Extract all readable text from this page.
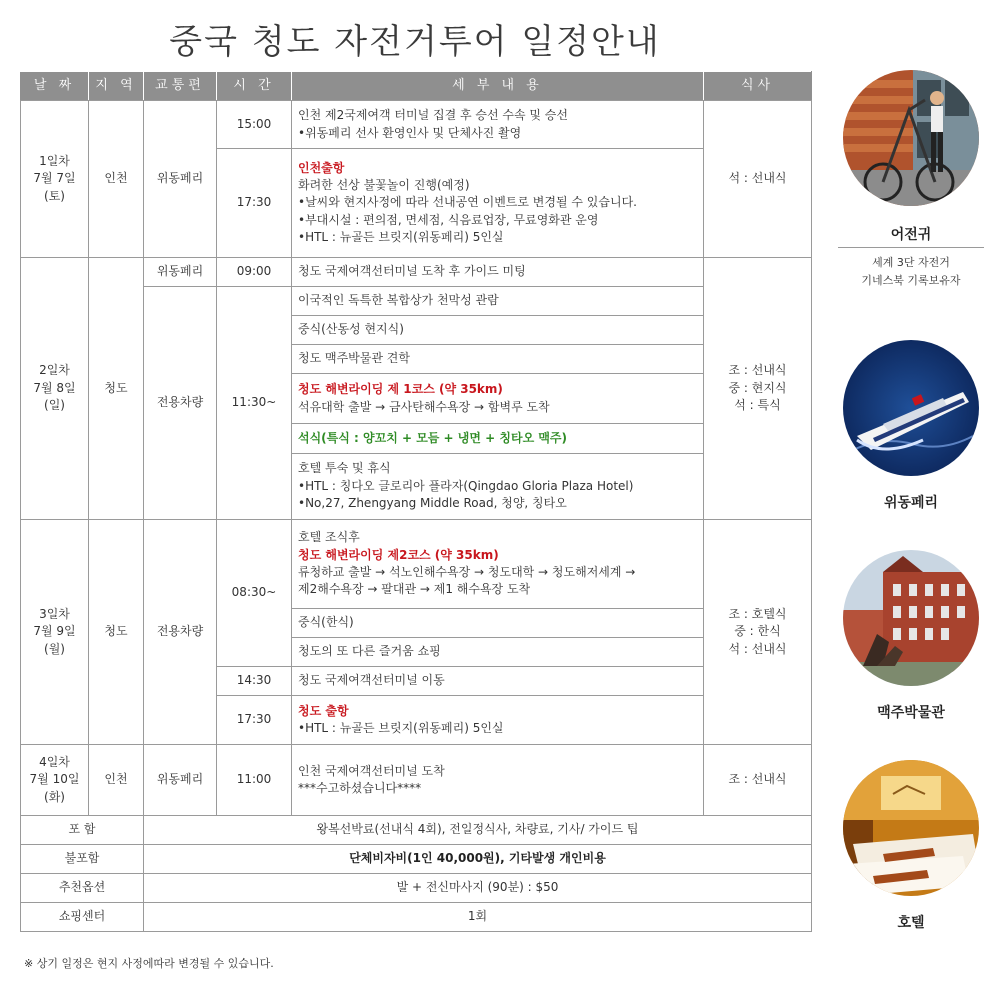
중국 청도 자전거투어 일정안내
날 짜	지 역	교통편	시 간	세 부 내 용	식사

1일차
7월 7일
(토)	인천	위동페리	15:00	인천 제2국제여객 터미널 집결 후 승선 수속 및 승선
•위동페리 선사 환영인사 및 단체사진 촬영	석 : 선내식
			17:30	인천출항
화려한 선상 불꽃놀이 진행(예정)
•날씨와 현지사정에 따라 선내공연 이벤트로 변경될 수 있습니다.
•부대시설 : 편의점, 면세점, 식음료업장, 무료영화관 운영
•HTL : 뉴골든 브릿지(위동페리) 5인실	

2일차
7월 8일
(일)	청도	위동페리	09:00	청도 국제여객선터미널 도착 후 가이드 미팅	조 : 선내식
중 : 현지식
석 : 특식

		전용차량	11:30~	이국적인 독특한 복합상가 천막성 관람	
				중식(산동성 현지식)	
				청도 맥주박물관 견학	

				청도 해변라이딩 제 1코스 (약 35km)
석유대학 출발 → 금사탄해수욕장 → 함벽루 도착	

				석식(특식 : 양꼬치 + 모듬 + 냉면 + 칭타오 맥주)	

				호텔 투숙 및 휴식
•HTL : 칭다오 글로리아 플라자(Qingdao Gloria Plaza Hotel)
•No,27, Zhengyang Middle Road, 청양, 칭타오	

3일차
7월 9일
(월)	청도	전용차량	08:30~	호텔 조식후
청도 해변라이딩 제2코스 (약 35km)
류청하교 출발 → 석노인해수욕장 → 청도대학 → 청도해저세계 →
제2해수욕장 → 팔대관 → 제1 해수욕장 도착	조 : 호텔식
중 : 한식
석 : 선내식

				중식(한식)	
				청도의 또 다른 즐거움 쇼핑	
			14:30	청도 국제여객선터미널 이동	
			17:30	청도 출항
•HTL : 뉴골든 브릿지(위동페리) 5인실	

4일차
7월 10일
(화)	인천	위동페리	11:00	인천 국제여객선터미널 도착
***수고하셨습니다****	조 : 선내식
포 함		왕복선박료(선내식 4회), 전일정식사, 차량료, 기사/ 가이드 팁			
불포함		단체비자비(1인 40,000원), 기타발생 개인비용			
추천옵션		발 + 전신마사지 (90분) : $50			
쇼핑센터		1회			
어전귀
세계 3단 자전거
기네스북 기록보유자
위동페리
맥주박물관
호텔
※ 상기 일정은 현지 사정에따라 변경될 수 있습니다.
